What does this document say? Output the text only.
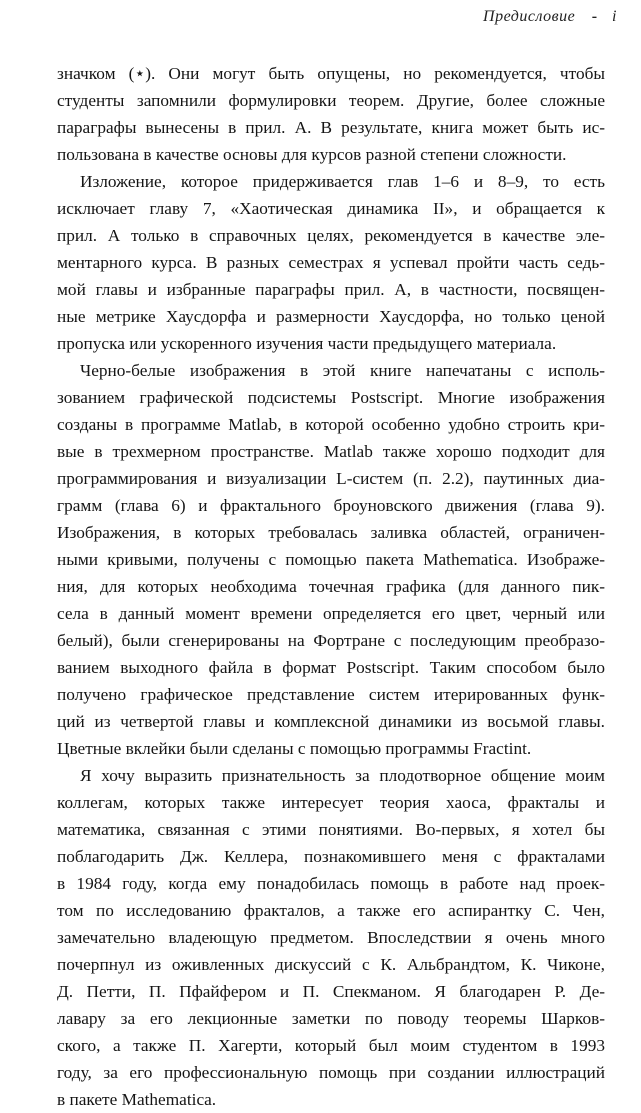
Предисловие - i
значком (⋆). Они могут быть опущены, но рекомендуется, чтобы
студенты запомнили формулировки теорем. Другие, более сложные
параграфы вынесены в прил. А. В результате, книга может быть ис-
пользована в качестве основы для курсов разной степени сложности.
Изложение, которое придерживается глав 1–6 и 8–9, то есть
исключает главу 7, «Хаотическая динамика II», и обращается к
прил. А только в справочных целях, рекомендуется в качестве эле-
ментарного курса. В разных семестрах я успевал пройти часть седь-
мой главы и избранные параграфы прил. А, в частности, посвящен-
ные метрике Хаусдорфа и размерности Хаусдорфа, но только ценой
пропуска или ускоренного изучения части предыдущего материала.
Черно-белые изображения в этой книге напечатаны с исполь-
зованием графической подсистемы Postscript. Многие изображения
созданы в программе Matlab, в которой особенно удобно строить кри-
вые в трехмерном пространстве. Matlab также хорошо подходит для
программирования и визуализации L-систем (п. 2.2), паутинных диа-
грамм (глава 6) и фрактального броуновского движения (глава 9).
Изображения, в которых требовалась заливка областей, ограничен-
ными кривыми, получены с помощью пакета Mathematica. Изображе-
ния, для которых необходима точечная графика (для данного пик-
села в данный момент времени определяется его цвет, черный или
белый), были сгенерированы на Фортране с последующим преобразо-
ванием выходного файла в формат Postscript. Таким способом было
получено графическое представление систем итерированных функ-
ций из четвертой главы и комплексной динамики из восьмой главы.
Цветные вклейки были сделаны с помощью программы Fractint.
Я хочу выразить признательность за плодотворное общение моим
коллегам, которых также интересует теория хаоса, фракталы и
математика, связанная с этими понятиями. Во-первых, я хотел бы
поблагодарить Дж. Келлера, познакомившего меня с фракталами
в 1984 году, когда ему понадобилась помощь в работе над проек-
том по исследованию фракталов, а также его аспирантку С. Чен,
замечательно владеющую предметом. Впоследствии я очень много
почерпнул из оживленных дискуссий с К. Альбрандтом, К. Чиконе,
Д. Петти, П. Пфайфером и П. Спекманом. Я благодарен Р. Де-
лавару за его лекционные заметки по поводу теоремы Шарков-
ского, а также П. Хагерти, который был моим студентом в 1993
году, за его профессиональную помощь при создании иллюстраций
в пакете Mathematica.
